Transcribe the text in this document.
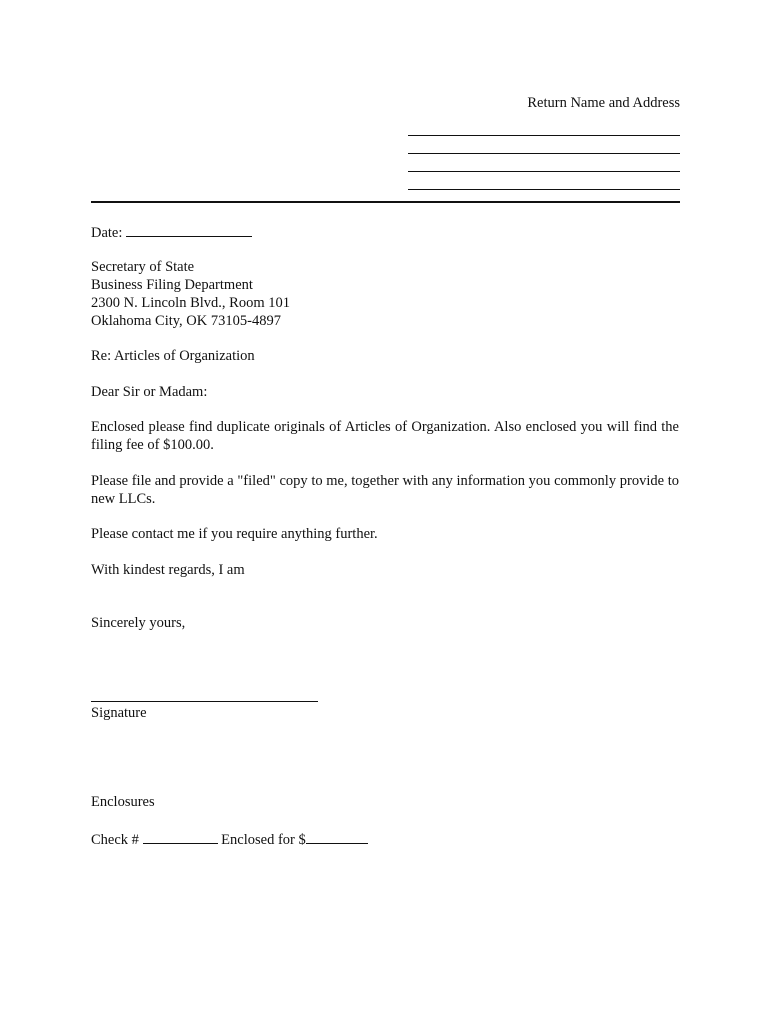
Return Name and Address
Date:
Secretary of State
Business Filing Department
2300 N. Lincoln Blvd., Room 101
Oklahoma City, OK 73105-4897
Re: Articles of Organization
Dear Sir or Madam:
Enclosed please find duplicate originals of Articles of Organization. Also enclosed you will find the filing fee of $100.00.
Please file and provide a "filed" copy to me, together with any information you commonly provide to new LLCs.
Please contact me if you require anything further.
With kindest regards, I am
Sincerely yours,
Signature
Enclosures
Check #	Enclosed for $
